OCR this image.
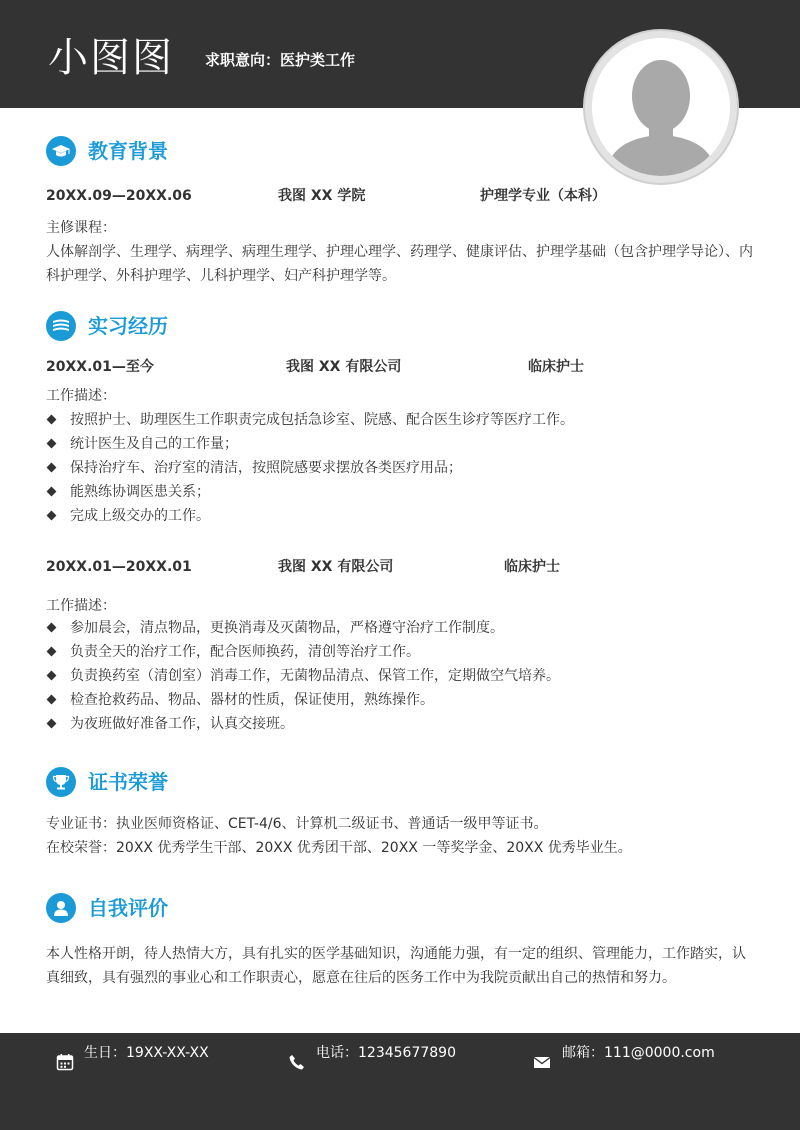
小图图 求职意向：医护类工作
教育背景
20XX.09—20XX.06	我图 XX 学院	护理学专业（本科）
主修课程：
人体解剖学、生理学、病理学、病理生理学、护理心理学、药理学、健康评估、护理学基础（包含护理学导论）、内科护理学、外科护理学、儿科护理学、妇产科护理学等。
实习经历
20XX.01—至今	我图 XX 有限公司	临床护士
工作描述：
按照护士、助理医生工作职责完成包括急诊室、院感、配合医生诊疗等医疗工作。
统计医生及自己的工作量；
保持治疗车、治疗室的清洁，按照院感要求摆放各类医疗用品；
能熟练协调医患关系；
完成上级交办的工作。
20XX.01—20XX.01	我图 XX 有限公司	临床护士
工作描述：
参加晨会，清点物品，更换消毒及灭菌物品，严格遵守治疗工作制度。
负责全天的治疗工作，配合医师换药，清创等治疗工作。
负责换药室（清创室）消毒工作，无菌物品清点、保管工作，定期做空气培养。
检查抢救药品、物品、器材的性质，保证使用，熟练操作。
为夜班做好准备工作，认真交接班。
证书荣誉
专业证书：执业医师资格证、CET-4/6、计算机二级证书、普通话一级甲等证书。
在校荣誉：20XX 优秀学生干部、20XX 优秀团干部、20XX 一等奖学金、20XX 优秀毕业生。
自我评价
本人性格开朗，待人热情大方，具有扎实的医学基础知识，沟通能力强，有一定的组织、管理能力，工作踏实，认真细致，具有强烈的事业心和工作职责心，愿意在往后的医务工作中为我院贡献出自己的热情和努力。
生日：19XX-XX-XX	电话：12345677890	邮箱：111@0000.com
